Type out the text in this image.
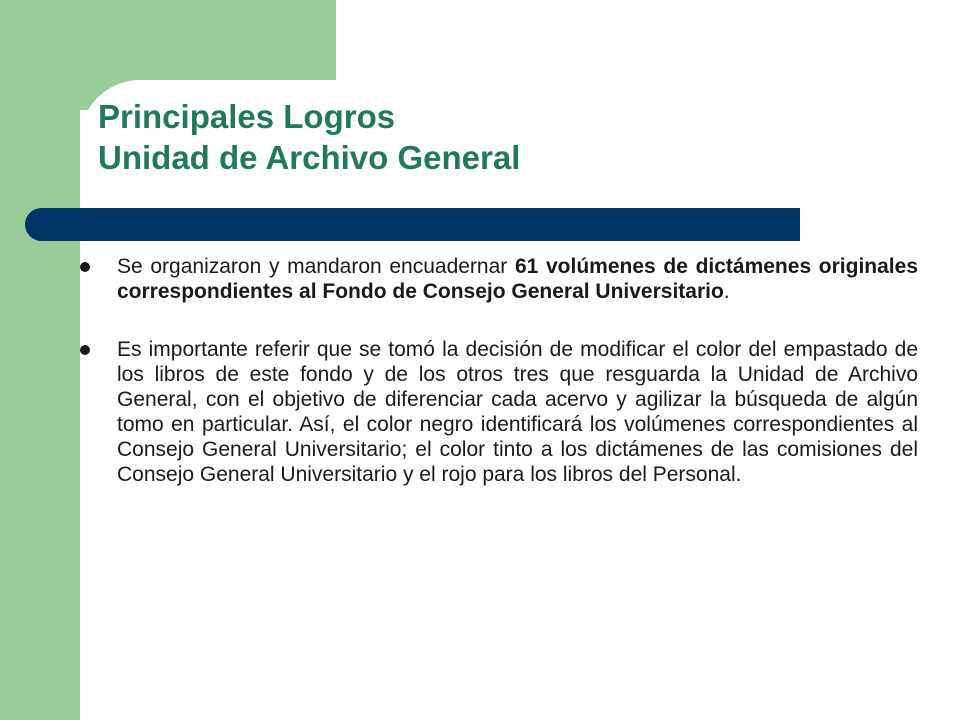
Principales Logros
Unidad de Archivo General
Se organizaron y mandaron encuadernar 61 volúmenes de dictámenes originales correspondientes al Fondo de Consejo General Universitario.
Es importante referir que se tomó la decisión de modificar el color del empastado de los libros de este fondo y de los otros tres que resguarda la Unidad de Archivo General, con el objetivo de diferenciar cada acervo y agilizar la búsqueda de algún tomo en particular. Así, el color negro identificará los volúmenes correspondientes al Consejo General Universitario; el color tinto a los dictámenes de las comisiones del Consejo General Universitario y el rojo para los libros del Personal.
